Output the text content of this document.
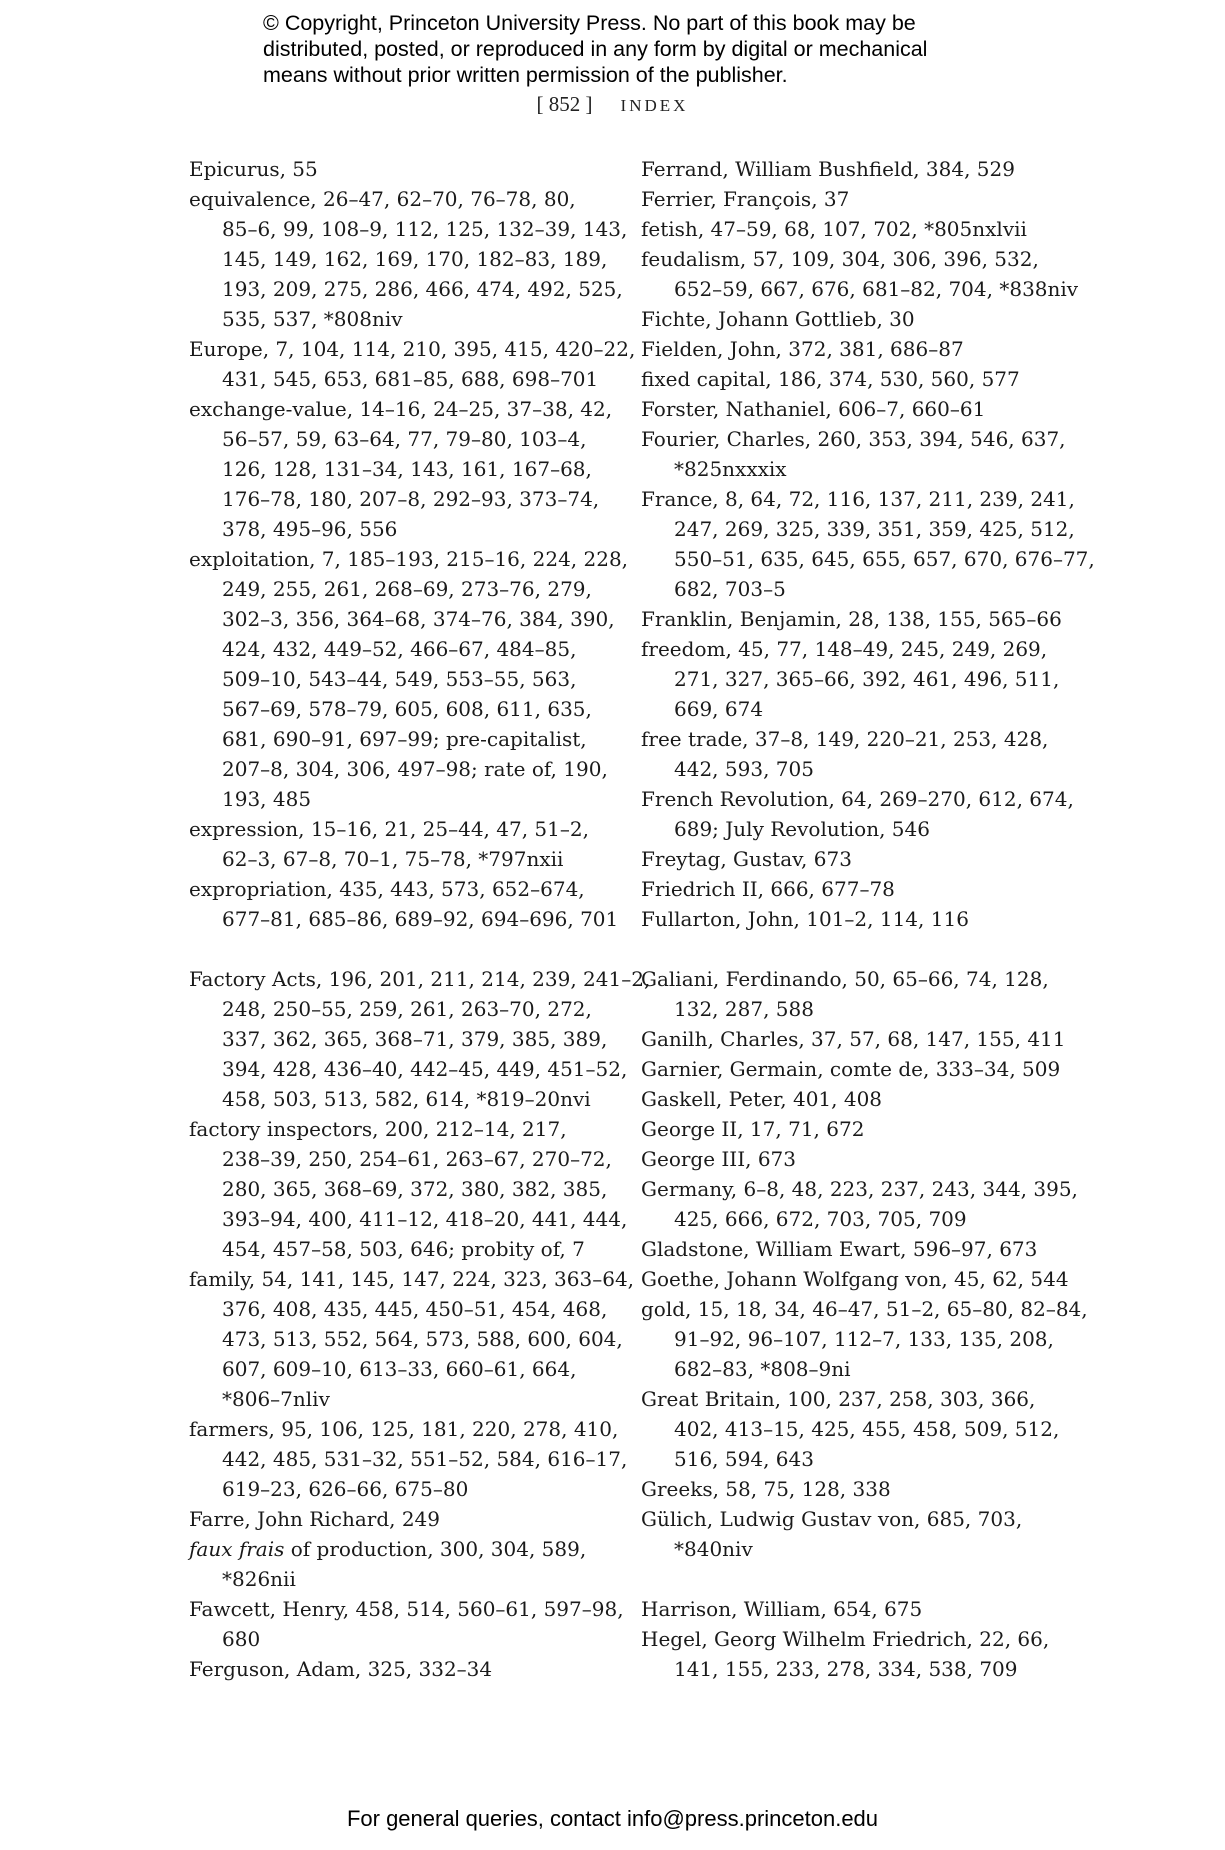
© Copyright, Princeton University Press. No part of this book may be
distributed, posted, or reproduced in any form by digital or mechanical
means without prior written permission of the publisher.
[ 852 ] INDEX
Epicurus, 55
equivalence, 26–47, 62–70, 76–78, 80,
85–6, 99, 108–9, 112, 125, 132–39, 143,
145, 149, 162, 169, 170, 182–83, 189,
193, 209, 275, 286, 466, 474, 492, 525,
535, 537, *808niv
Europe, 7, 104, 114, 210, 395, 415, 420–22,
431, 545, 653, 681–85, 688, 698–701
exchange-value, 14–16, 24–25, 37–38, 42,
56–57, 59, 63–64, 77, 79–80, 103–4,
126, 128, 131–34, 143, 161, 167–68,
176–78, 180, 207–8, 292–93, 373–74,
378, 495–96, 556
exploitation, 7, 185–193, 215–16, 224, 228,
249, 255, 261, 268–69, 273–76, 279,
302–3, 356, 364–68, 374–76, 384, 390,
424, 432, 449–52, 466–67, 484–85,
509–10, 543–44, 549, 553–55, 563,
567–69, 578–79, 605, 608, 611, 635,
681, 690–91, 697–99; pre-capitalist,
207–8, 304, 306, 497–98; rate of, 190,
193, 485
expression, 15–16, 21, 25–44, 47, 51–2,
62–3, 67–8, 70–1, 75–78, *797nxii
expropriation, 435, 443, 573, 652–674,
677–81, 685–86, 689–92, 694–696, 701
Factory Acts, 196, 201, 211, 214, 239, 241–2,
248, 250–55, 259, 261, 263–70, 272,
337, 362, 365, 368–71, 379, 385, 389,
394, 428, 436–40, 442–45, 449, 451–52,
458, 503, 513, 582, 614, *819–20nvi
factory inspectors, 200, 212–14, 217,
238–39, 250, 254–61, 263–67, 270–72,
280, 365, 368–69, 372, 380, 382, 385,
393–94, 400, 411–12, 418–20, 441, 444,
454, 457–58, 503, 646; probity of, 7
family, 54, 141, 145, 147, 224, 323, 363–64,
376, 408, 435, 445, 450–51, 454, 468,
473, 513, 552, 564, 573, 588, 600, 604,
607, 609–10, 613–33, 660–61, 664,
*806–7nliv
farmers, 95, 106, 125, 181, 220, 278, 410,
442, 485, 531–32, 551–52, 584, 616–17,
619–23, 626–66, 675–80
Farre, John Richard, 249
faux frais of production, 300, 304, 589,
*826nii
Fawcett, Henry, 458, 514, 560–61, 597–98,
680
Ferguson, Adam, 325, 332–34
Ferrand, William Bushfield, 384, 529
Ferrier, François, 37
fetish, 47–59, 68, 107, 702, *805nxlvii
feudalism, 57, 109, 304, 306, 396, 532,
652–59, 667, 676, 681–82, 704, *838niv
Fichte, Johann Gottlieb, 30
Fielden, John, 372, 381, 686–87
fixed capital, 186, 374, 530, 560, 577
Forster, Nathaniel, 606–7, 660–61
Fourier, Charles, 260, 353, 394, 546, 637,
*825nxxxix
France, 8, 64, 72, 116, 137, 211, 239, 241,
247, 269, 325, 339, 351, 359, 425, 512,
550–51, 635, 645, 655, 657, 670, 676–77,
682, 703–5
Franklin, Benjamin, 28, 138, 155, 565–66
freedom, 45, 77, 148–49, 245, 249, 269,
271, 327, 365–66, 392, 461, 496, 511,
669, 674
free trade, 37–8, 149, 220–21, 253, 428,
442, 593, 705
French Revolution, 64, 269–270, 612, 674,
689; July Revolution, 546
Freytag, Gustav, 673
Friedrich II, 666, 677–78
Fullarton, John, 101–2, 114, 116
Galiani, Ferdinando, 50, 65–66, 74, 128,
132, 287, 588
Ganilh, Charles, 37, 57, 68, 147, 155, 411
Garnier, Germain, comte de, 333–34, 509
Gaskell, Peter, 401, 408
George II, 17, 71, 672
George III, 673
Germany, 6–8, 48, 223, 237, 243, 344, 395,
425, 666, 672, 703, 705, 709
Gladstone, William Ewart, 596–97, 673
Goethe, Johann Wolfgang von, 45, 62, 544
gold, 15, 18, 34, 46–47, 51–2, 65–80, 82–84,
91–92, 96–107, 112–7, 133, 135, 208,
682–83, *808–9ni
Great Britain, 100, 237, 258, 303, 366,
402, 413–15, 425, 455, 458, 509, 512,
516, 594, 643
Greeks, 58, 75, 128, 338
Gülich, Ludwig Gustav von, 685, 703,
*840niv
Harrison, William, 654, 675
Hegel, Georg Wilhelm Friedrich, 22, 66,
141, 155, 233, 278, 334, 538, 709
For general queries, contact info@press.princeton.edu
